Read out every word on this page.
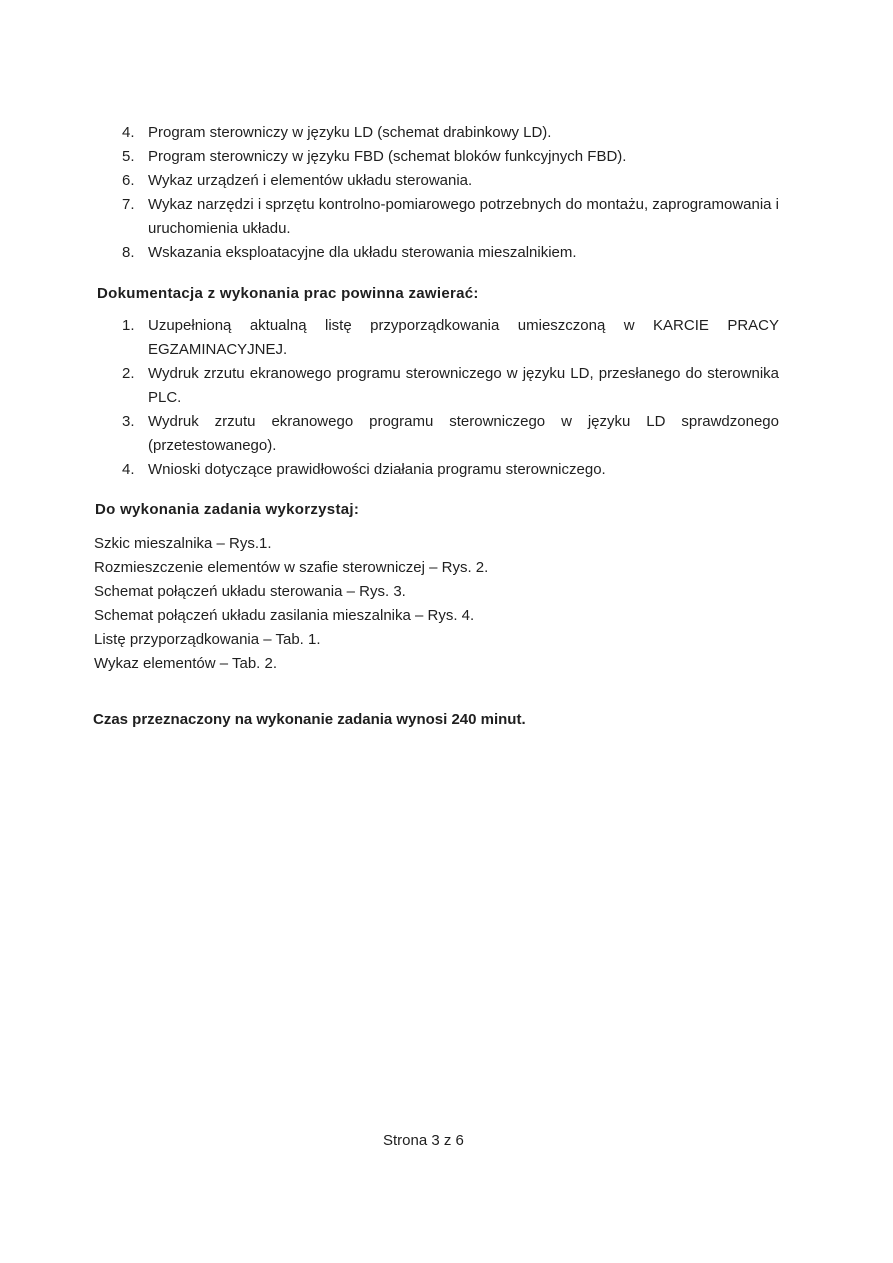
4. Program sterowniczy w języku LD (schemat drabinkowy LD).
5. Program sterowniczy w języku FBD (schemat bloków funkcyjnych FBD).
6. Wykaz urządzeń i elementów układu sterowania.
7. Wykaz narzędzi i sprzętu kontrolno-pomiarowego potrzebnych do montażu, zaprogramowania i uruchomienia układu.
8. Wskazania eksploatacyjne dla układu sterowania mieszalnikiem.

Dokumentacja z wykonania prac powinna zawierać:

1. Uzupełnioną aktualną listę przyporządkowania umieszczoną w KARCIE PRACY EGZAMINACYJNEJ.
2. Wydruk zrzutu ekranowego programu sterowniczego w języku LD, przesłanego do sterownika PLC.
3. Wydruk zrzutu ekranowego programu sterowniczego w języku LD sprawdzonego (przetestowanego).
4. Wnioski dotyczące prawidłowości działania programu sterowniczego.

Do wykonania zadania wykorzystaj:

Szkic mieszalnika – Rys.1.
Rozmieszczenie elementów w szafie sterowniczej – Rys. 2.
Schemat połączeń układu sterowania – Rys. 3.
Schemat połączeń układu zasilania mieszalnika – Rys. 4.
Listę przyporządkowania – Tab. 1.
Wykaz elementów – Tab. 2.

Czas przeznaczony na wykonanie zadania wynosi 240 minut.

Strona 3 z 6
